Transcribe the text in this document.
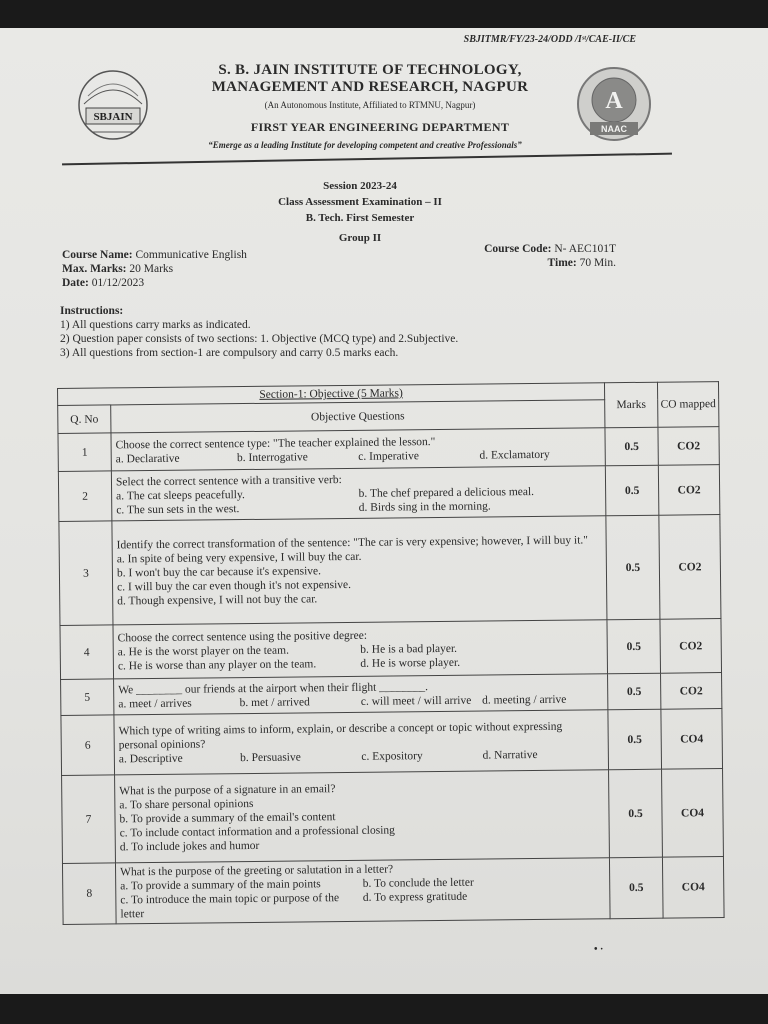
SBJITMR/FY/23-24/ODD /Iˢᵗ/CAE-II/CE
SBJAIN
S. B. JAIN INSTITUTE OF TECHNOLOGY,
MANAGEMENT AND RESEARCH, NAGPUR
(An Autonomous Institute, Affiliated to RTMNU, Nagpur)
FIRST YEAR ENGINEERING DEPARTMENT
“Emerge as a leading Institute for developing competent and creative Professionals”
A
NAAC
Session 2023-24
Class Assessment Examination – II
B. Tech. First Semester
Group II
Course Name: Communicative English
Max. Marks: 20 Marks
Date: 01/12/2023
Course Code: N- AEC101T
Time: 70 Min.
Instructions:
1) All questions carry marks as indicated.
2) Question paper consists of two sections: 1. Objective (MCQ type) and 2.Subjective.
3) All questions from section-1 are compulsory and carry 0.5 marks each.
Section-1: Objective (5 Marks)		Marks	CO mapped
Q. No	Objective Questions		
1	Choose the correct sentence type: "The teacher explained the lesson."
a. Declarative b. Interrogative c. Imperative d. Exclamatory	0.5	CO2
2	Select the correct sentence with a transitive verb:
a. The cat sleeps peacefully. b. The chef prepared a delicious meal.
c. The sun sets in the west. d. Birds sing in the morning.	0.5	CO2
3	Identify the correct transformation of the sentence: "The car is very expensive; however, I will buy it."
a. In spite of being very expensive, I will buy the car.
b. I won't buy the car because it's expensive.
c. I will buy the car even though it's not expensive.
d. Though expensive, I will not buy the car.	0.5	CO2
4	Choose the correct sentence using the positive degree:
a. He is the worst player on the team. b. He is a bad player.
c. He is worse than any player on the team. d. He is worse player.	0.5	CO2
5	We ________ our friends at the airport when their flight ________.
a. meet / arrives b. met / arrived c. will meet / will arrive d. meeting / arrive	0.5	CO2
6	Which type of writing aims to inform, explain, or describe a concept or topic without expressing personal opinions?
a. Descriptive b. Persuasive c. Expository d. Narrative	0.5	CO4
7	What is the purpose of a signature in an email?
a. To share personal opinions
b. To provide a summary of the email's content
c. To include contact information and a professional closing
d. To include jokes and humor	0.5	CO4
8	What is the purpose of the greeting or salutation in a letter?
a. To provide a summary of the main points b. To conclude the letter
c. To introduce the main topic or purpose of the letter
d. To express gratitude	0.5	CO4
• ·
